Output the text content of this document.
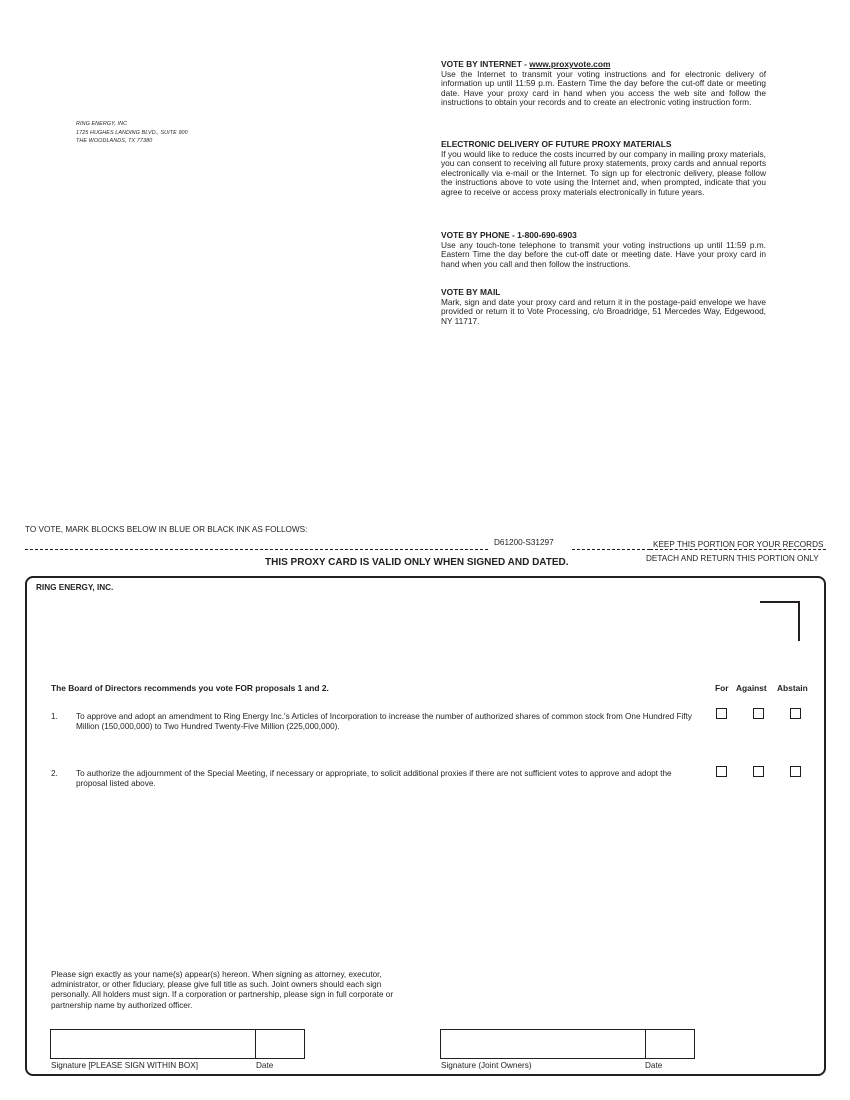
RING ENERGY, INC
1725 HUGHES LANDING BLVD., SUITE 900
THE WOODLANDS, TX 77380
VOTE BY INTERNET - www.proxyvote.com
Use the Internet to transmit your voting instructions and for electronic delivery of information up until 11:59 p.m. Eastern Time the day before the cut-off date or meeting date. Have your proxy card in hand when you access the web site and follow the instructions to obtain your records and to create an electronic voting instruction form.
ELECTRONIC DELIVERY OF FUTURE PROXY MATERIALS
If you would like to reduce the costs incurred by our company in mailing proxy materials, you can consent to receiving all future proxy statements, proxy cards and annual reports electronically via e-mail or the Internet. To sign up for electronic delivery, please follow the instructions above to vote using the Internet and, when prompted, indicate that you agree to receive or access proxy materials electronically in future years.
VOTE BY PHONE - 1-800-690-6903
Use any touch-tone telephone to transmit your voting instructions up until 11:59 p.m. Eastern Time the day before the cut-off date or meeting date. Have your proxy card in hand when you call and then follow the instructions.
VOTE BY MAIL
Mark, sign and date your proxy card and return it in the postage-paid envelope we have provided or return it to Vote Processing, c/o Broadridge, 51 Mercedes Way, Edgewood, NY 11717.
TO VOTE, MARK BLOCKS BELOW IN BLUE OR BLACK INK AS FOLLOWS:
D61200-S31297	KEEP THIS PORTION FOR YOUR RECORDS
THIS PROXY CARD IS VALID ONLY WHEN SIGNED AND DATED.	DETACH AND RETURN THIS PORTION ONLY
RING ENERGY, INC.
The Board of Directors recommends you vote FOR proposals 1 and 2.	For Against Abstain
1. To approve and adopt an amendment to Ring Energy Inc.'s Articles of Incorporation to increase the number of authorized shares of common stock from One Hundred Fifty Million (150,000,000) to Two Hundred Twenty-Five Million (225,000,000).
2. To authorize the adjournment of the Special Meeting, if necessary or appropriate, to solicit additional proxies if there are not sufficient votes to approve and adopt the proposal listed above.
Please sign exactly as your name(s) appear(s) hereon. When signing as attorney, executor, administrator, or other fiduciary, please give full title as such. Joint owners should each sign personally. All holders must sign. If a corporation or partnership, please sign in full corporate or partnership name by authorized officer.
Signature [PLEASE SIGN WITHIN BOX]	Date	Signature (Joint Owners)	Date
